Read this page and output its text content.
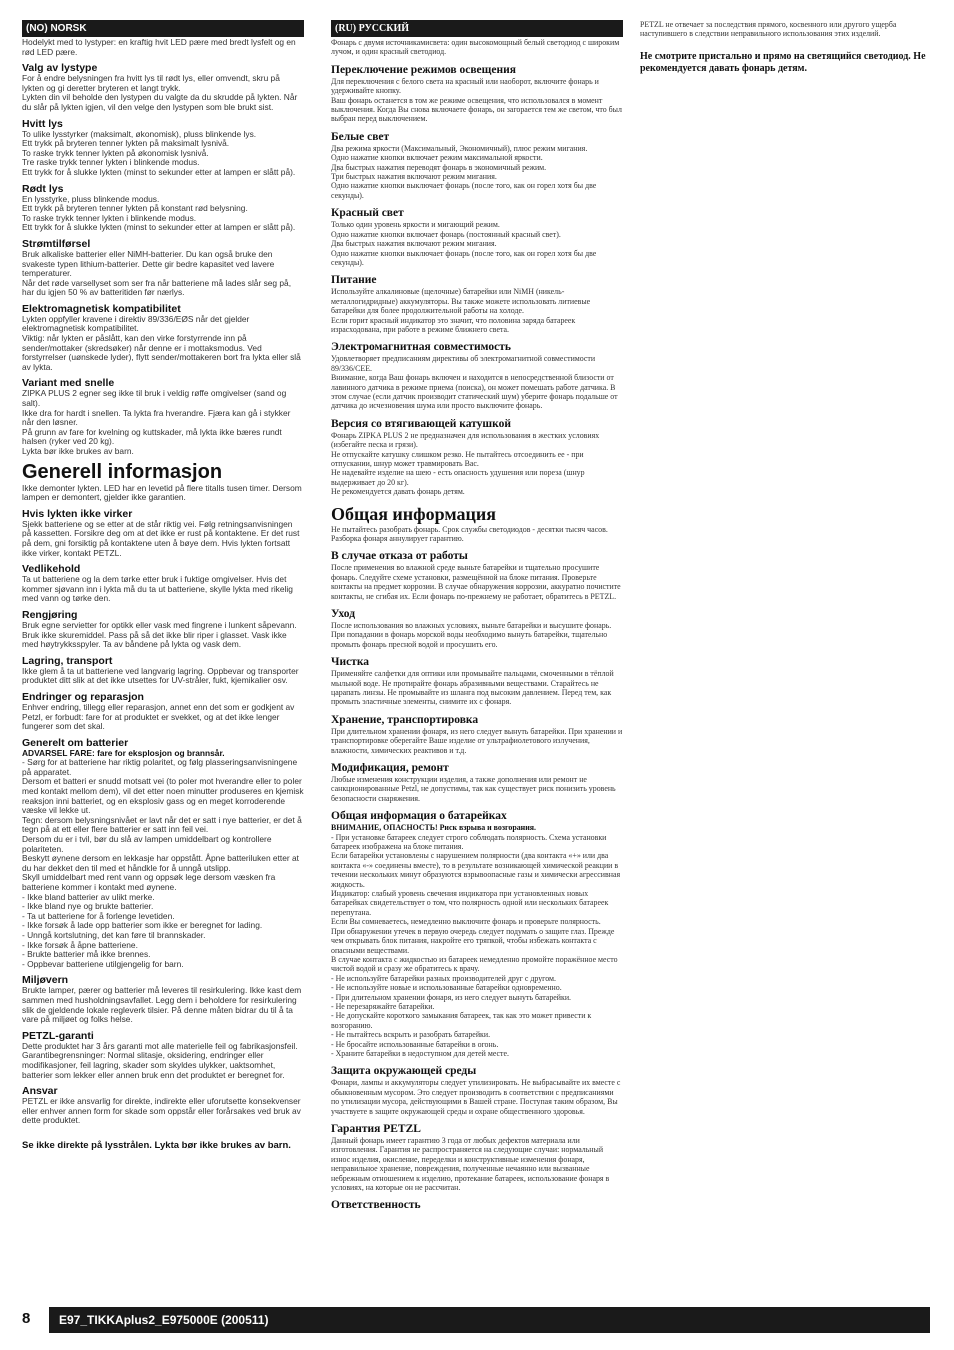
(NO) NORSK

Hodelykt med to lystyper: en kraftig hvit LED pære med bredt lysfelt og en rød LED pære.

Valg av lystype

For å endre belysningen fra hvitt lys til rødt lys, eller omvendt, skru på lykten og gi deretter bryteren et langt trykk.
Lykten din vil beholde den lystypen du valgte da du skrudde på lykten. Når du slår på lykten igjen, vil den velge den lystypen som ble brukt sist.

Hvitt lys

To ulike lysstyrker (maksimalt, økonomisk), pluss blinkende lys.
Ett trykk på bryteren tenner lykten på maksimalt lysnivå.
To raske trykk tenner lykten på økonomisk lysnivå.
Tre raske trykk tenner lykten i blinkende modus.
Ett trykk for å slukke lykten (minst to sekunder etter at lampen er slått på).

Rødt lys

En lysstyrke, pluss blinkende modus.
Ett trykk på bryteren tenner lykten på konstant rød belysning.
To raske trykk tenner lykten i blinkende modus.
Ett trykk for å slukke lykten (minst to sekunder etter at lampen er slått på).

Strømtilførsel

Bruk alkaliske batterier eller NiMH-batterier. Du kan også bruke den svakeste typen lithium-batterier. Dette gir bedre kapasitet ved lavere temperaturer.
Når det røde varsellyset som ser fra når batteriene må lades slår seg på, har du igjen 50 % av batteritiden før nærlys.

Elektromagnetisk kompatibilitet

Lykten oppfyller kravene i direktiv 89/336/EØS når det gjelder elektromagnetisk kompatibilitet.
Viktig: når lykten er påslått, kan den virke forstyrrende inn på sender/mottaker (skredsøker) når denne er i mottaksmodus. Ved forstyrrelser (uønskede lyder), flytt sender/mottakeren bort fra lykta eller slå av lykta.

Variant med snelle

ZIPKA PLUS 2 egner seg ikke til bruk i veldig røffe omgivelser (sand og salt).
Ikke dra for hardt i snellen. Ta lykta fra hverandre. Fjæra kan gå i stykker når den løsner.
På grunn av fare for kvelning og kuttskader, må lykta ikke bæres rundt halsen (ryker ved 20 kg).
Lykta bør ikke brukes av barn.

Generell informasjon

Ikke demonter lykten. LED har en levetid på flere titalls tusen timer. Dersom lampen er demontert, gjelder ikke garantien.

Hvis lykten ikke virker

Sjekk batteriene og se etter at de står riktig vei. Følg retningsanvisningen på kassetten. Forsikre deg om at det ikke er rust på kontaktene. Er det rust på dem, gni forsiktig på kontaktene uten å bøye dem. Hvis lykten fortsatt ikke virker, kontakt PETZL.

Vedlikehold

Ta ut batteriene og la dem tørke etter bruk i fuktige omgivelser. Hvis det kommer sjøvann inn i lykta må du ta ut batteriene, skylle lykta med rikelig med vann og tørke den.

Rengjøring

Bruk egne servietter for optikk eller vask med fingrene i lunkent såpevann.
Bruk ikke skuremiddel. Pass på så det ikke blir riper i glasset. Vask ikke med høytrykksspyler. Ta av båndene på lykta og vask dem.

Lagring, transport

Ikke glem å ta ut batteriene ved langvarig lagring. Oppbevar og transporter produktet ditt slik at det ikke utsettes for UV-stråler, fukt, kjemikalier osv.

Endringer og reparasjon

Enhver endring, tillegg eller reparasjon, annet enn det som er godkjent av Petzl, er forbudt: fare for at produktet er svekket, og at det ikke lenger fungerer som det skal.

Generelt om batterier

ADVARSEL FARE: fare for eksplosjon og brannsår.

- Sørg for at batteriene har riktig polaritet, og følg plasseringsanvisningene på apparatet.
Dersom et batteri er snudd motsatt vei (to poler mot hverandre eller to poler med kontakt mellom dem), vil det etter noen minutter produseres en kjemisk reaksjon inni batteriet, og en eksplosiv gass og en meget korroderende væske vil lekke ut.
Tegn: dersom belysningsnivået er lavt når det er satt i nye batterier, er det å tegn på at ett eller flere batterier er satt inn feil vei.
Dersom du er i tvil, bør du slå av lampen umiddelbart og kontrollere polariteten.
Beskytt øynene dersom en lekkasje har oppstått. Åpne batteriluken etter at du har dekket den til med et håndkle for å unngå utslipp.
Skyll umiddelbart med rent vann og oppsøk lege dersom væsken fra batteriene kommer i kontakt med øynene.
- Ikke bland batterier av ulikt merke.
- Ikke bland nye og brukte batterier.
- Ta ut batteriene for å forlenge levetiden.
- Ikke forsøk å lade opp batterier som ikke er beregnet for lading.
- Unngå kortslutning, det kan føre til brannskader.
- Ikke forsøk å åpne batteriene.
- Brukte batterier må ikke brennes.
- Oppbevar batteriene utilgjengelig for barn.

Miljøvern

Brukte lamper, pærer og batterier må leveres til resirkulering. Ikke kast dem sammen med husholdningsavfallet. Legg dem i beholdere for resirkulering slik de gjeldende lokale regleverk tilsier. På denne måten bidrar du til å ta vare på miljøet og folks helse.

PETZL-garanti

Dette produktet har 3 års garanti mot alle materielle feil og fabrikasjonsfeil. Garantibegrensninger: Normal slitasje, oksidering, endringer eller modifikasjoner, feil lagring, skader som skyldes ulykker, uaktsomhet, batterier som lekker eller annen bruk enn det produktet er beregnet for.

Ansvar

PETZL er ikke ansvarlig for direkte, indirekte eller uforutsette konsekvenser eller enhver annen form for skade som oppstår eller forårsakes ved bruk av dette produktet.

Se ikke direkte på lysstrålen. Lykta bør ikke brukes av barn.
(RU) РУССКИЙ

Фонарь с двумя источникамисвета: один высокомощный белый светодиод с широким лучом, и один красный светодиод.

Переключение режимов освещения

Для переключения с белого света на красный или наоборот, включите фонарь и удерживайте кнопку.
Ваш фонарь останется в том же режиме освещения, что использовался в момент выключения. Когда Вы снова включаете фонарь, он загорается тем же светом, что был выбран перед выключением.

Белые свет

Два режима яркости (Максимальный, Экономичный), плюс режим мигания.
Одно нажатие кнопки включает режим максимальной яркости.
Два быстрых нажатия переводят фонарь в экономичный режим.
Три быстрых нажатия включают режим мигания.
Одно нажатие кнопки выключает фонарь (после того, как он горел хотя бы две секунды).

Красный свет

Только один уровень яркости и мигающий режим.
Одно нажатие кнопки включает фонарь (постоянный красный свет).
Два быстрых нажатия включают режим мигания.
Одно нажатие кнопки выключает фонарь (после того, как он горел хотя бы две секунды).

Питание

Используйте алкалиновые (щелочные) батарейки или NiMH (никель-металлогидридные) аккумуляторы. Вы также можете использовать литиевые батарейки для более продолжительной работы на холоде.
Если горит красный индикатор это значит, что половина заряда батареек израсходована, при работе в режиме ближнего света.

Электромагнитная совместимость

Удовлетворяет предписаниям директивы об электромагнитной совместимости 89/336/CEE.
Внимание, когда Ваш фонарь включен и находится в непосредственной близости от лавинного датчика в режиме приема (поиска), он может помешать работе датчика. В этом случае (если датчик производит статический шум) уберите фонарь подальше от датчика до исчезновения шума или просто выключите фонарь.

Версия со втягивающей катушкой

Фонарь ZIPKA PLUS 2 не предназначен для использования в жестких условиях (избегайте песка и грязи).
Не отпускайте катушку слишком резко. Не пытайтесь отсоединить ее - при отпускании, шнур может травмировать Вас.
Не надевайте изделие на шею - есть опасность удушения или пореза (шнур выдерживает до 20 кг).
Не рекомендуется давать фонарь детям.

Общая информация

Не пытайтесь разобрать фонарь. Срок службы светодиодов - десятки тысяч часов. Разборка фонаря аннулирует гарантию.

В случае отказа от работы

После применения во влажной среде выньте батарейки и тщательно просушите фонарь. Следуйте схеме установки, размещённой на блоке питания. Проверьте контакты на предмет коррозии. В случае обнаружения коррозии, аккуратно почистите контакты, не сгибая их. Если фонарь по-прежнему не работает, обратитесь в PETZL.

Уход

После использования во влажных условиях, выньте батарейки и высушите фонарь. При попадании в фонарь морской воды необходимо вынуть батарейки, тщательно промыть фонарь пресной водой и просушить его.

Чистка

Применяйте салфетки для оптики или промывайте пальцами, смоченными в тёплой мыльной воде. Не протирайте фонарь абразивными веществами. Старайтесь не царапать линзы. Не промывайте из шланга под высоким давлением. Перед тем, как промыть эластичные элементы, снимите их с фонаря.

Хранение, транспортировка

При длительном хранении фонаря, из него следует вынуть батарейки. При хранении и транспортировке оберегайте Ваше изделие от ультрафиолетового излучения, влажности, химических реактивов и т.д.

Модификация, ремонт

Любые изменения конструкции изделия, а также дополнения или ремонт не санкционированные Petzl, не допустимы, так как существует риск понизить уровень безопасности снаряжения.

Общая информация о батарейках

ВНИМАНИЕ, ОПАСНОСТЬ! Риск взрыва и возгорания.

- При установке батареек следует строго соблюдать полярность. Схема установки батареек изображена на блоке питания.
Если батарейки установлены с нарушением полярности (два контакта «+» или два контакта «-» соединены вместе), то в результате возникающей химической реакции в течении нескольких минут образуются взрывоопасные газы и химически агрессивная жидкость.
Индикатор: слабый уровень свечения индикатора при установленных новых батарейках свидетельствует о том, что полярность одной или нескольких батареек перепутана.
Если Вы сомневаетесь, немедленно выключите фонарь и проверьте полярность.
При обнаружении утечек в первую очередь следует подумать о защите глаз. Прежде чем открывать блок питания, накройте его тряпкой, чтобы избежать контакта с опасными веществами.
В случае контакта с жидкостью из батареек немедленно промойте поражённое место чистой водой и сразу же обратитесь к врачу.
- Не используйте батарейки разных производителей друг с другом.
- Не используйте новые и использованные батарейки одновременно.
- При длительном хранении фонаря, из него следует вынуть батарейки.
- Не перезаряжайте батарейки.
- Не допускайте короткого замыкания батареек, так как это может привести к возгоранию.
- Не пытайтесь вскрыть и разобрать батарейки.
- Не бросайте использованные батарейки в огонь.
- Храните батарейки в недоступном для детей месте.

Защита окружающей среды

Фонари, лампы и аккумуляторы следует утилизировать. Не выбрасывайте их вместе с обыкновенным мусором. Это следует производить в соответствии с предписаниями по утилизации мусора, действующими в Вашей стране. Поступая таким образом, Вы участвуете в защите окружающей среды и охране общественного здоровья.

Гарантия PETZL

Данный фонарь имеет гарантию 3 года от любых дефектов материала или изготовления. Гарантия не распространяется на следующие случаи: нормальный износ изделия, окисление, переделки и конструктивные изменения фонаря, неправильное хранение, повреждения, полученные нечаянно или вызванные небрежным отношением к изделию, протекание батареек, использование фонаря в условиях, на которые он не рассчитан.

Ответственность

PETZL не отвечает за последствия прямого, косвенного или другого ущерба наступившего в следствии неправильного использования этих изделий.

Не смотрите пристально и прямо на светящийся светодиод. Не рекомендуется давать фонарь детям.
8	E97_TIKKAplus2_E975000E (200511)
